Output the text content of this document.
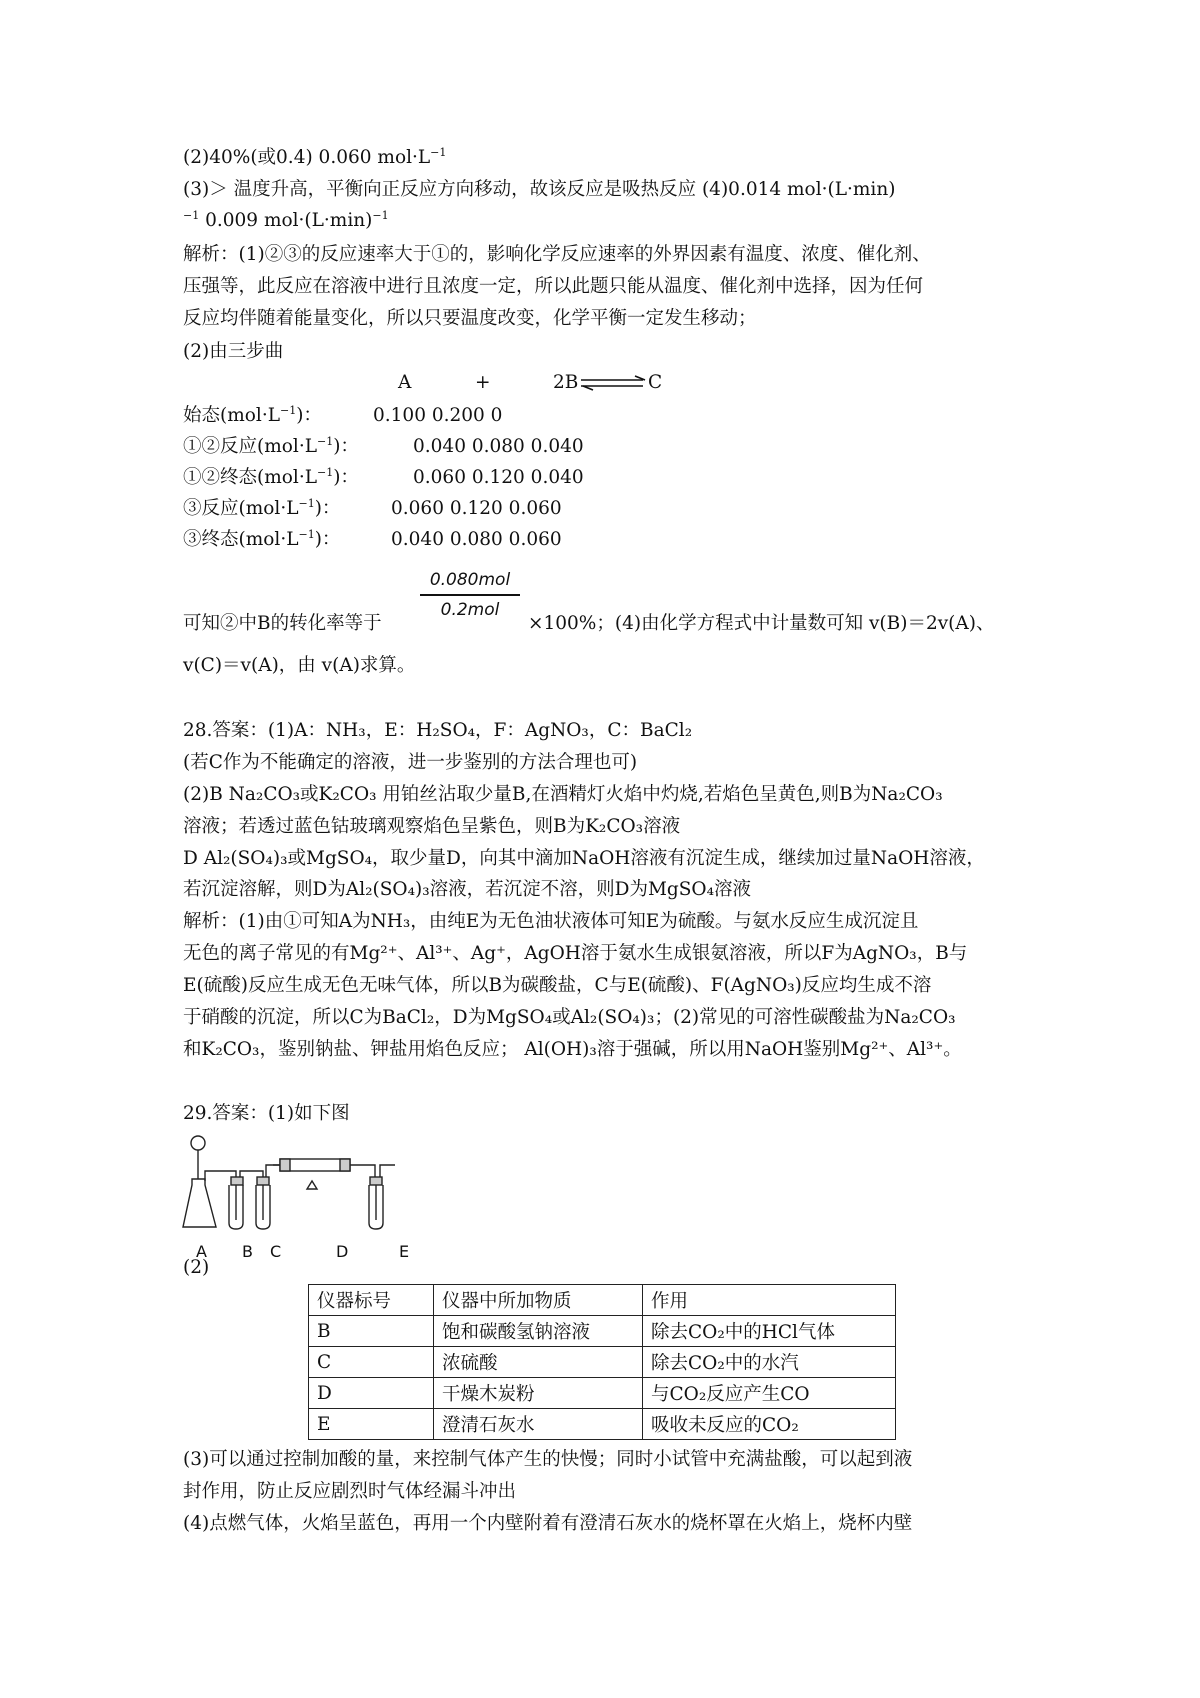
(2)40%(或0.4) 0.060 $mol\cdot L^{-1}$
(3)＞ 温度升高，平衡向正反应方向移动，故该反应是吸热反应 (4)0.014 mol·(L·min)
$^{-1}$ 0.009 $mol\cdot(L\cdot\min)^{-1}$
解析：(1)②③的反应速率大于①的，影响化学反应速率的外界因素有温度、浓度、催化剂、
压强等，此反应在溶液中进行且浓度一定，所以此题只能从温度、催化剂中选择，因为任何
反应均伴随着能量变化，所以只要温度改变，化学平衡一定发生移动；
(2)由三步曲
A	+	2B	C
始态$(mol\cdot L^{-1})$：	0.100 0.200 0
①②反应$(mol\cdot L^{-1})$：	0.040 0.080 0.040
①②终态$(mol\cdot L^{-1})$：	0.060 0.120 0.040
③反应$(mol\cdot L^{-1})$：	0.060 0.120 0.060
③终态$(mol\cdot L^{-1})$：	0.040 0.080 0.060
0.080mol
0.2mol
可知②中B的转化率等于	×100%；(4)由化学方程式中计量数可知 v(B)＝2v(A)、
v(C)＝v(A)，由 v(A)求算。
28.答案：(1)A：NH₃，E：H₂SO₄，F：AgNO₃，C：BaCl₂
(若C作为不能确定的溶液，进一步鉴别的方法合理也可)
(2)B Na₂CO₃或K₂CO₃ 用铂丝沾取少量B,在酒精灯火焰中灼烧,若焰色呈黄色,则B为Na₂CO₃
溶液；若透过蓝色钴玻璃观察焰色呈紫色，则B为K₂CO₃溶液
D Al₂(SO₄)₃或MgSO₄，取少量D，向其中滴加NaOH溶液有沉淀生成，继续加过量NaOH溶液，
若沉淀溶解，则D为Al₂(SO₄)₃溶液，若沉淀不溶，则D为MgSO₄溶液
解析：(1)由①可知A为NH₃，由纯E为无色油状液体可知E为硫酸。与氨水反应生成沉淀且
无色的离子常见的有Mg²⁺、Al³⁺、Ag⁺，AgOH溶于氨水生成银氨溶液，所以F为AgNO₃，B与
E(硫酸)反应生成无色无味气体，所以B为碳酸盐，C与E(硫酸)、F(AgNO₃)反应均生成不溶
于硝酸的沉淀，所以C为BaCl₂，D为MgSO₄或Al₂(SO₄)₃；(2)常见的可溶性碳酸盐为Na₂CO₃
和K₂CO₃，鉴别钠盐、钾盐用焰色反应； Al(OH)₃溶于强碱，所以用NaOH鉴别Mg²⁺、Al³⁺。
29.答案：(1)如下图
A B C	D	E
(2)
仪器标号	仪器中所加物质	作用
B	饱和碳酸氢钠溶液	除去CO₂中的HCl气体
C	浓硫酸	除去CO₂中的水汽
D	干燥木炭粉	与CO₂反应产生CO
E	澄清石灰水	吸收未反应的CO₂
(3)可以通过控制加酸的量，来控制气体产生的快慢；同时小试管中充满盐酸，可以起到液
封作用，防止反应剧烈时气体经漏斗冲出
(4)点燃气体，火焰呈蓝色，再用一个内壁附着有澄清石灰水的烧杯罩在火焰上，烧杯内壁
